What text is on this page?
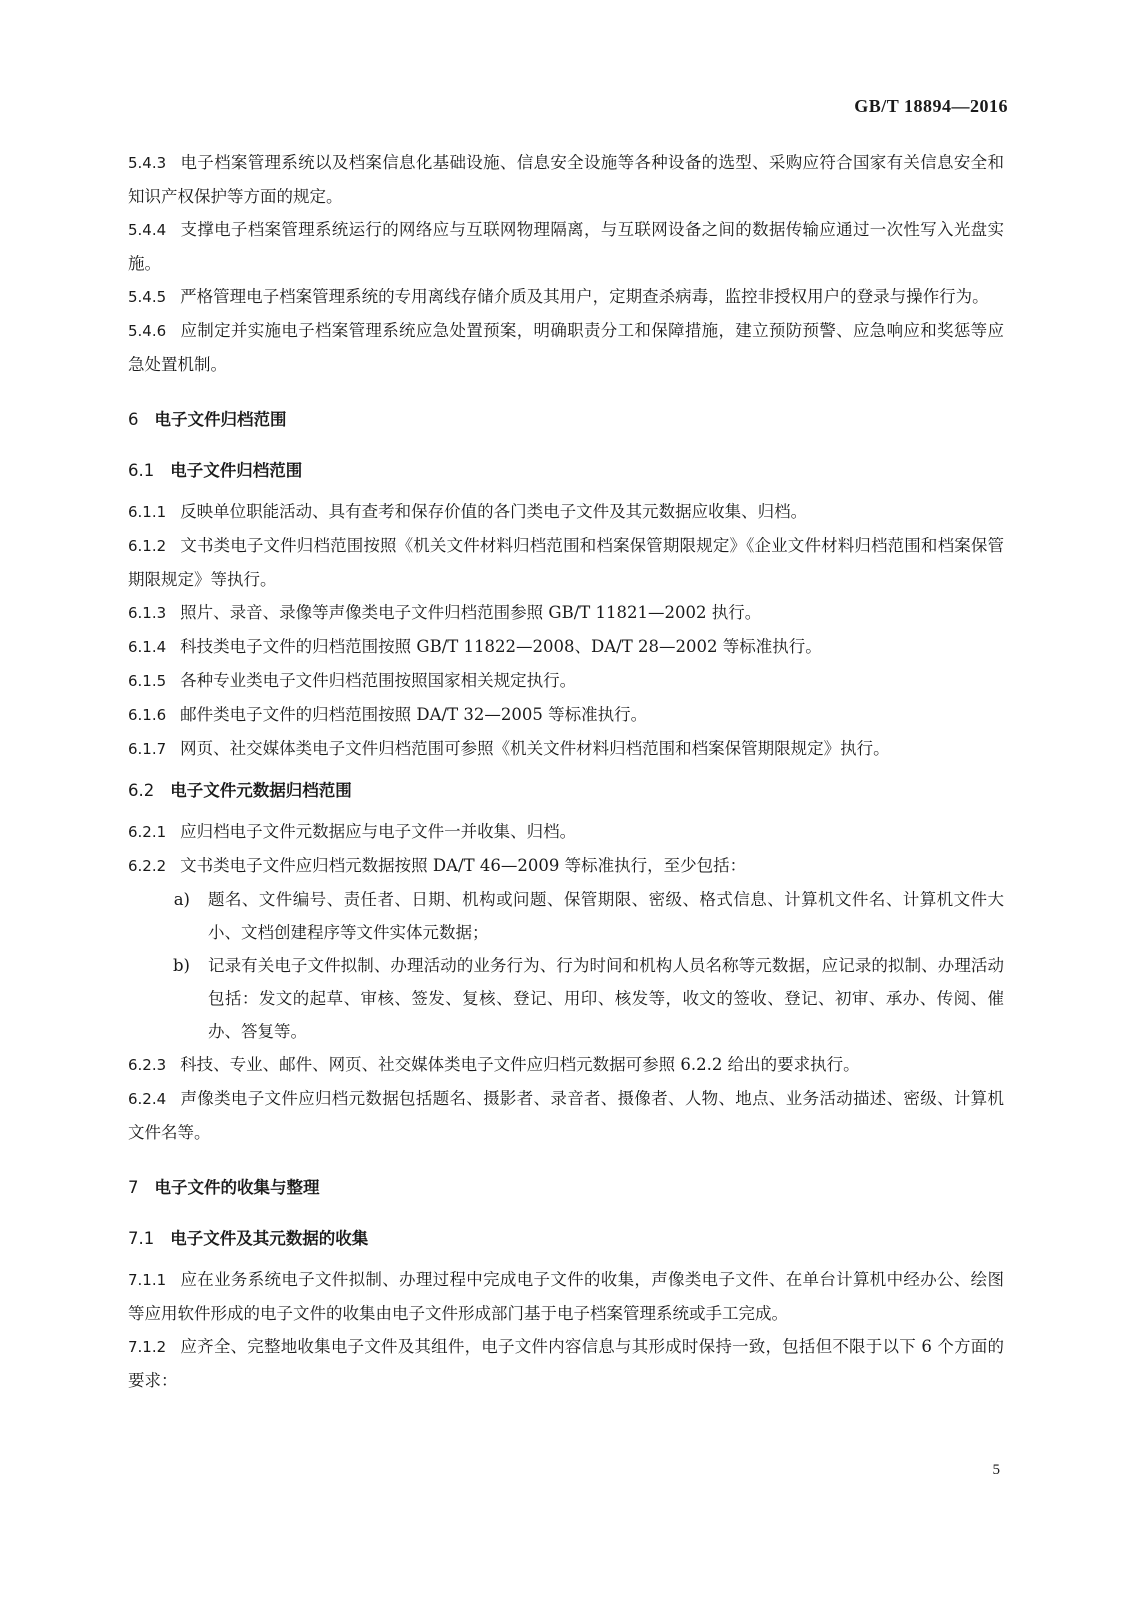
GB/T 18894—2016

5.4.3 电子档案管理系统以及档案信息化基础设施、信息安全设施等各种设备的选型、采购应符合国家有关信息安全和知识产权保护等方面的规定。

5.4.4 支撑电子档案管理系统运行的网络应与互联网物理隔离，与互联网设备之间的数据传输应通过一次性写入光盘实施。

5.4.5 严格管理电子档案管理系统的专用离线存储介质及其用户，定期查杀病毒，监控非授权用户的登录与操作行为。

5.4.6 应制定并实施电子档案管理系统应急处置预案，明确职责分工和保障措施，建立预防预警、应急响应和奖惩等应急处置机制。

6 电子文件归档范围

6.1 电子文件归档范围

6.1.1 反映单位职能活动、具有查考和保存价值的各门类电子文件及其元数据应收集、归档。

6.1.2 文书类电子文件归档范围按照《机关文件材料归档范围和档案保管期限规定》《企业文件材料归档范围和档案保管期限规定》等执行。

6.1.3 照片、录音、录像等声像类电子文件归档范围参照 GB/T 11821—2002 执行。

6.1.4 科技类电子文件的归档范围按照 GB/T 11822—2008、DA/T 28—2002 等标准执行。

6.1.5 各种专业类电子文件归档范围按照国家相关规定执行。

6.1.6 邮件类电子文件的归档范围按照 DA/T 32—2005 等标准执行。

6.1.7 网页、社交媒体类电子文件归档范围可参照《机关文件材料归档范围和档案保管期限规定》执行。

6.2 电子文件元数据归档范围

6.2.1 应归档电子文件元数据应与电子文件一并收集、归档。

6.2.2 文书类电子文件应归档元数据按照 DA/T 46—2009 等标准执行，至少包括：

a)	题名、文件编号、责任者、日期、机构或问题、保管期限、密级、格式信息、计算机文件名、计算机文件大小、文档创建程序等文件实体元数据；
b)	记录有关电子文件拟制、办理活动的业务行为、行为时间和机构人员名称等元数据，应记录的拟制、办理活动包括：发文的起草、审核、签发、复核、登记、用印、核发等，收文的签收、登记、初审、承办、传阅、催办、答复等。

6.2.3 科技、专业、邮件、网页、社交媒体类电子文件应归档元数据可参照 6.2.2 给出的要求执行。

6.2.4 声像类电子文件应归档元数据包括题名、摄影者、录音者、摄像者、人物、地点、业务活动描述、密级、计算机文件名等。

7 电子文件的收集与整理

7.1 电子文件及其元数据的收集

7.1.1 应在业务系统电子文件拟制、办理过程中完成电子文件的收集，声像类电子文件、在单台计算机中经办公、绘图等应用软件形成的电子文件的收集由电子文件形成部门基于电子档案管理系统或手工完成。

7.1.2 应齐全、完整地收集电子文件及其组件，电子文件内容信息与其形成时保持一致，包括但不限于以下 6 个方面的要求：

5
